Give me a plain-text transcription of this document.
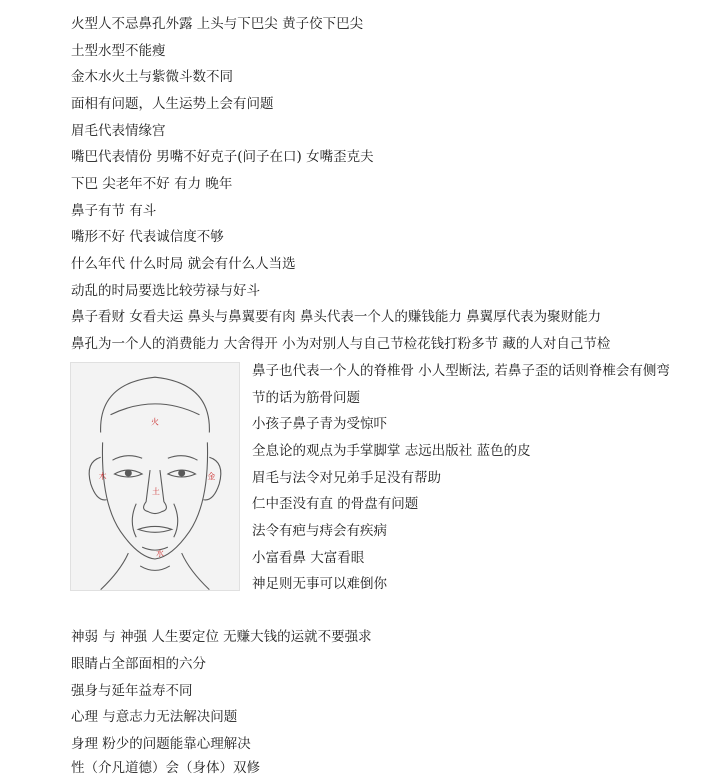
火型人不忌鼻孔外露 上头与下巴尖 黄子佼下巴尖
土型水型不能瘦
金木水火土与紫微斗数不同
面相有问题，人生运势上会有问题
眉毛代表情缘宫
嘴巴代表情份 男嘴不好克子(问子在口) 女嘴歪克夫
下巴 尖老年不好 有力 晚年
鼻子有节 有斗
嘴形不好 代表诚信度不够
什么年代 什么时局 就会有什么人当选
动乱的时局要选比较劳禄与好斗
鼻子看财 女看夫运 鼻头与鼻翼要有肉 鼻头代表一个人的赚钱能力 鼻翼厚代表为聚财能力
鼻孔为一个人的消费能力 大舍得开 小为对别人与自己节检花钱打粉多节 藏的人对自己节检
火
木
土
金
水
鼻子也代表一个人的脊椎骨 小人型断法, 若鼻子歪的话则脊椎会有侧弯
节的话为筋骨问题
小孩子鼻子青为受惊吓
全息论的观点为手掌脚掌 志远出版社 蓝色的皮
眉毛与法令对兄弟手足没有帮助
仁中歪没有直 的骨盘有问题
法令有疤与痔会有疾病
小富看鼻 大富看眼
神足则无事可以难倒你
神弱 与 神强 人生要定位 无赚大钱的运就不要强求
眼睛占全部面相的六分
强身与延年益寿不同
心理 与意志力无法解决问题
身理 粉少的问题能靠心理解决
性（介凡道德）会（身体）双修
